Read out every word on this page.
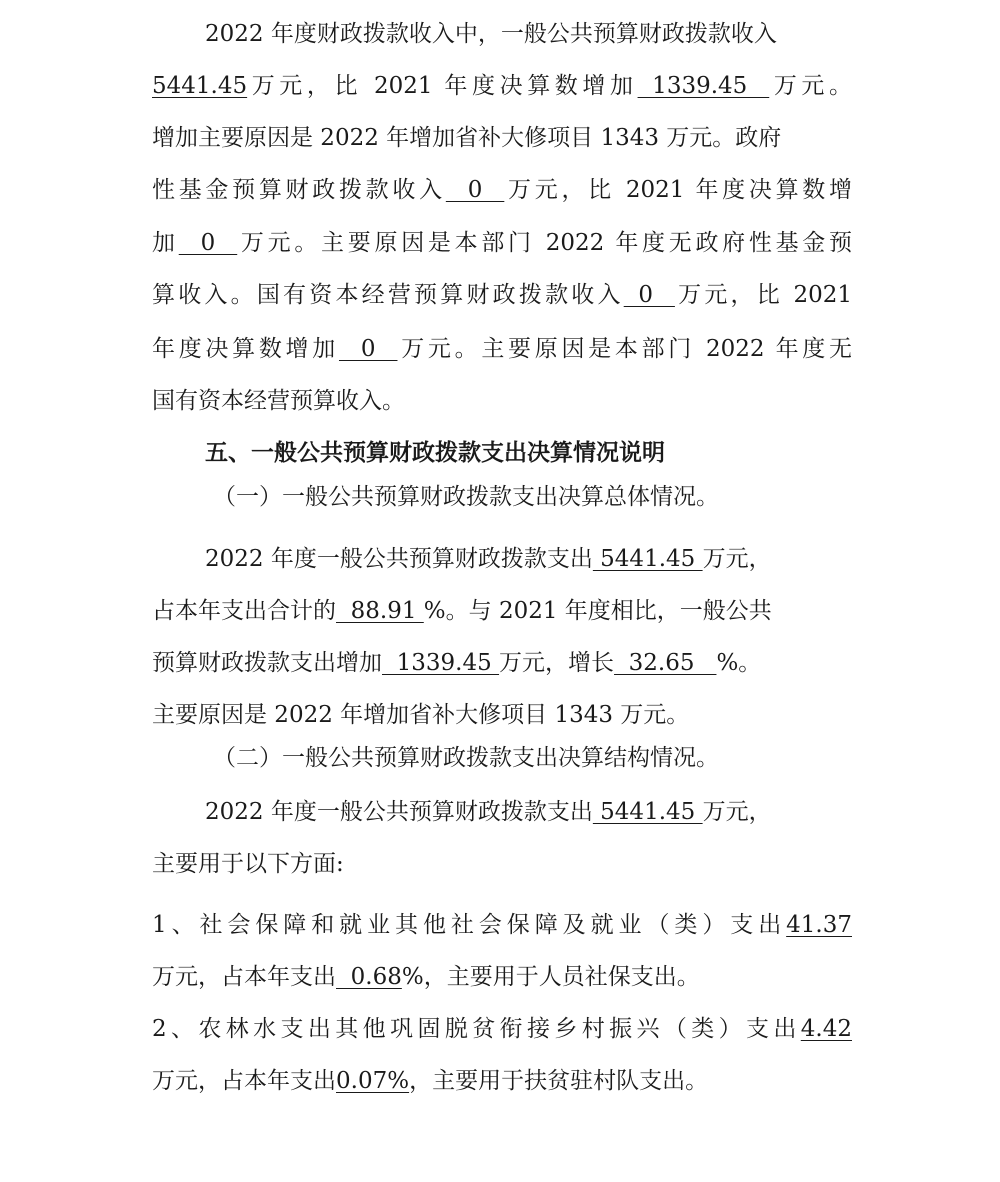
2022 年度财政拨款收入中，一般公共预算财政拨款收入
5441.45万元，比 2021 年度决算数增加  1339.45   万元。
增加主要原因是 2022 年增加省补大修项目 1343 万元。政府
性基金预算财政拨款收入   0   万元，比 2021 年度决算数增
加   0   万元。主要原因是本部门 2022 年度无政府性基金预
算收入。国有资本经营预算财政拨款收入  0   万元，比 2021
年度决算数增加   0   万元。主要原因是本部门 2022 年度无
国有资本经营预算收入。
五、一般公共预算财政拨款支出决算情况说明
（一）一般公共预算财政拨款支出决算总体情况。
2022 年度一般公共预算财政拨款支出 5441.45 万元，
占本年支出合计的  88.91 %。与 2021 年度相比，一般公共
预算财政拨款支出增加  1339.45 万元，增长  32.65   %。
主要原因是 2022 年增加省补大修项目 1343 万元。
（二）一般公共预算财政拨款支出决算结构情况。
2022 年度一般公共预算财政拨款支出 5441.45 万元，
主要用于以下方面:
1、社会保障和就业其他社会保障及就业（类）支出41.37
万元，占本年支出  0.68%，主要用于人员社保支出。
2、农林水支出其他巩固脱贫衔接乡村振兴（类）支出4.42
万元，占本年支出0.07%，主要用于扶贫驻村队支出。
